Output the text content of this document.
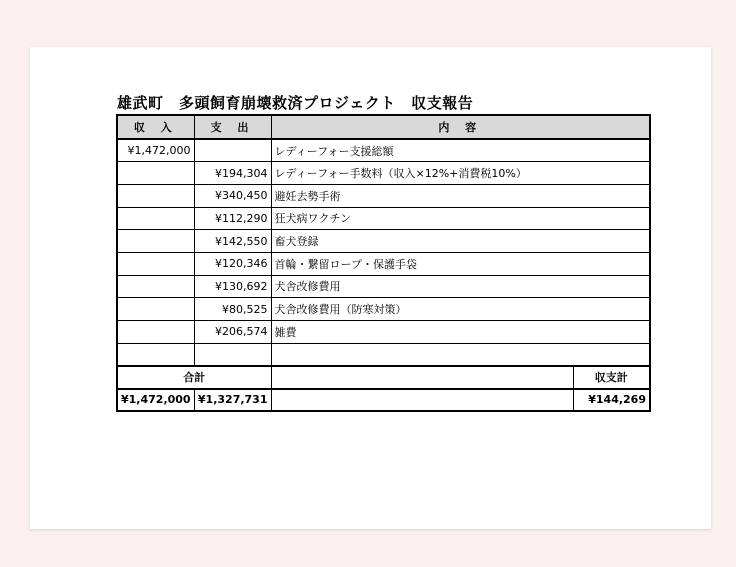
雄武町　多頭飼育崩壊救済プロジェクト　収支報告
収 入	支 出	内 容	
¥1,472,000		レディーフォー支援総額	
	¥194,304	レディーフォー手数料（収入×12%+消費税10%）	
	¥340,450	避妊去勢手術	
	¥112,290	狂犬病ワクチン	
	¥142,550	畜犬登録	
	¥120,346	首輪・繋留ロープ・保護手袋	
	¥130,692	犬舎改修費用	
	¥80,525	犬舎改修費用（防寒対策）	
	¥206,574	雑費	

合計			収支計
¥1,472,000	¥1,327,731		¥144,269
